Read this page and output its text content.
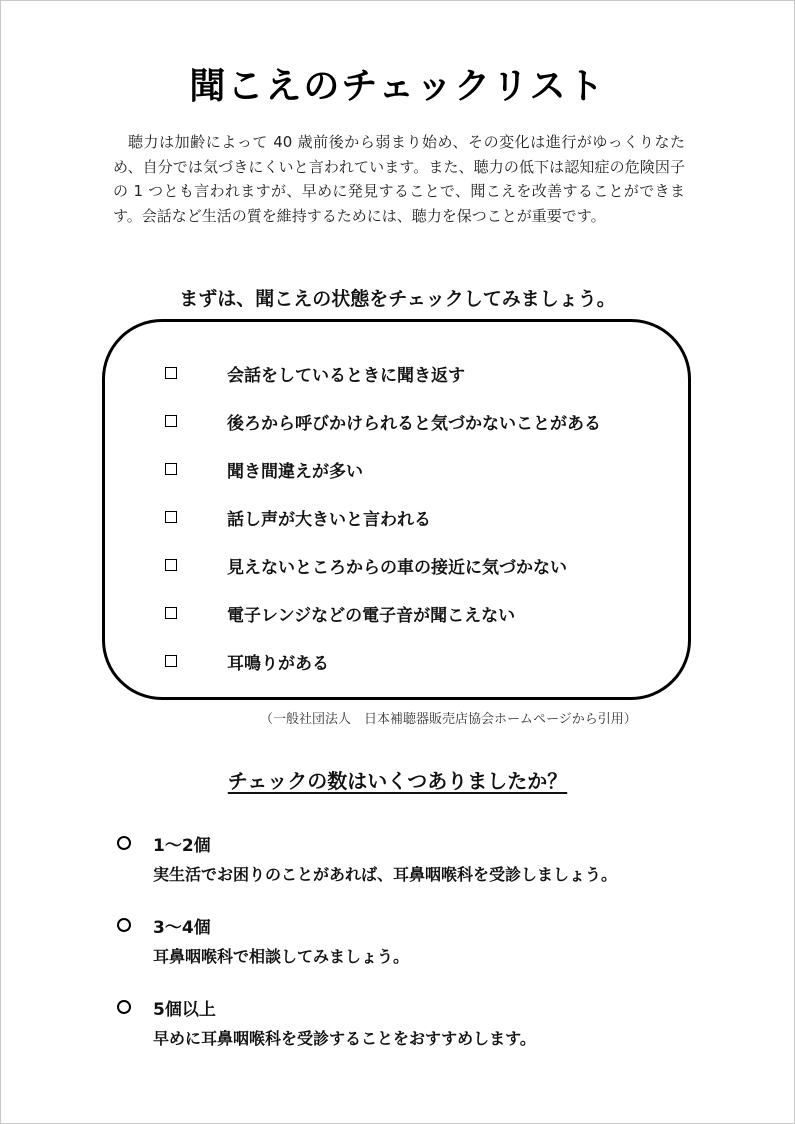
聞こえのチェックリスト

聴力は加齢によって 40 歳前後から弱まり始め、その変化は進行がゆっくりなため、自分では気づきにくいと言われています。また、聴力の低下は認知症の危険因子の 1 つとも言われますが、早めに発見することで、聞こえを改善することができます。会話など生活の質を維持するためには、聴力を保つことが重要です。

まずは、聞こえの状態をチェックしてみましょう。
会話をしているときに聞き返す
後ろから呼びかけられると気づかないことがある
聞き間違えが多い
話し声が大きいと言われる
見えないところからの車の接近に気づかない
電子レンジなどの電子音が聞こえない
耳鳴りがある
（一般社団法人　日本補聴器販売店協会ホームページから引用）
チェックの数はいくつありましたか？
1～2個
実生活でお困りのことがあれば、耳鼻咽喉科を受診しましょう。
3～4個
耳鼻咽喉科で相談してみましょう。
5個以上
早めに耳鼻咽喉科を受診することをおすすめします。
